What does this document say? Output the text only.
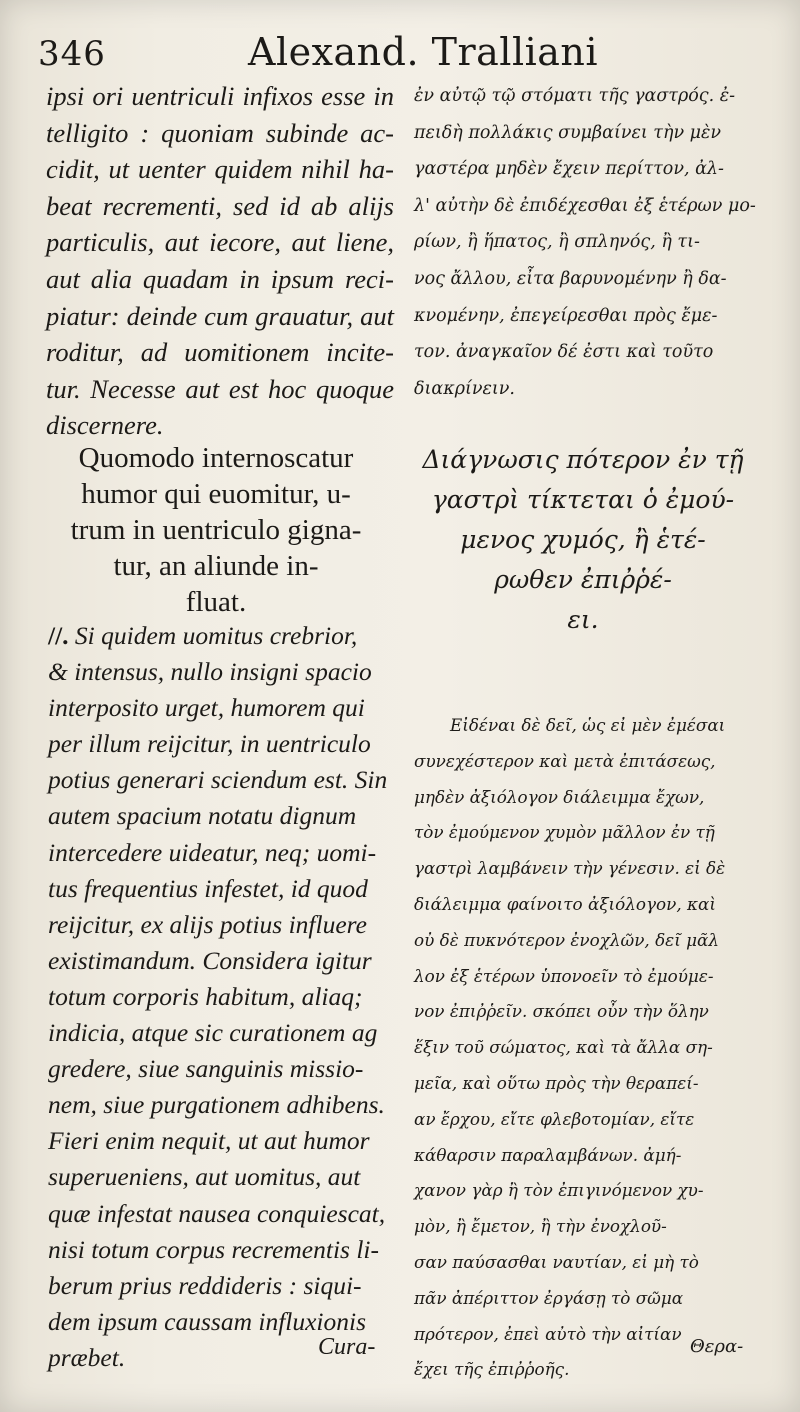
346	Alexand. Tralliani
ipsi ori uentriculi infixos esse in
telligito : quoniam subinde ac-
cidit, ut uenter quidem nihil ha-
beat recrementi, sed id ab alijs
particulis, aut iecore, aut liene,
aut alia quadam in ipsum reci-
piatur: deinde cum grauatur, aut
roditur, ad uomitionem incite-
tur. Necesse aut est hoc quoque
discernere.
ἐν αὐτῷ τῷ στόματι τῆς γαστρός. ἐ-
πειδὴ πολλάκις συμβαίνει τὴν μὲν
γαστέρα μηδὲν ἔχειν περίττον, ἀλ-
λ' αὐτὴν δὲ ἐπιδέχεσθαι ἐξ ἑτέρων μο-
ρίων, ἢ ἥπατος, ἢ σπληνός, ἢ τι-
νος ἄλλου, εἶτα βαρυνομένην ἢ δα-
κνομένην, ἐπεγείρεσθαι πρὸς ἔμε-
τον. ἀναγκαῖον δέ ἐστι καὶ τοῦτο
διακρίνειν.
Quomodo internoscatur
humor qui euomitur, u-
trum in uentriculo gigna-
tur, an aliunde in-
fluat.
Διάγνωσις πότερον ἐν τῇ
γαστρὶ τίκτεται ὁ ἐμού-
μενος χυμός, ἢ ἑτέ-
ρωθεν ἐπιῤῥέ-
ει.
//. Si quidem uomitus crebrior,
& intensus, nullo insigni spacio
interposito urget, humorem qui
per illum reijcitur, in uentriculo
potius generari sciendum est. Sin
autem spacium notatu dignum
intercedere uideatur, neq; uomi-
tus frequentius infestet, id quod
reijcitur, ex alijs potius influere
existimandum. Considera igitur
totum corporis habitum, aliaq;
indicia, atque sic curationem ag
gredere, siue sanguinis missio-
nem, siue purgationem adhibens.
Fieri enim nequit, ut aut humor
superueniens, aut uomitus, aut
quæ infestat nausea conquiescat,
nisi totum corpus recrementis li-
berum prius reddideris : siqui-
dem ipsum caussam influxionis
præbet.
Εἰδέναι δὲ δεῖ, ὡς εἰ μὲν ἐμέσαι
συνεχέστερον καὶ μετὰ ἐπιτάσεως,
μηδὲν ἀξιόλογον διάλειμμα ἔχων,
τὸν ἐμούμενον χυμὸν μᾶλλον ἐν τῇ
γαστρὶ λαμβάνειν τὴν γένεσιν. εἰ δὲ
διάλειμμα φαίνοιτο ἀξιόλογον, καὶ
οὐ δὲ πυκνότερον ἐνοχλῶν, δεῖ μᾶλ
λον ἐξ ἑτέρων ὑπονοεῖν τὸ ἐμούμε-
νον ἐπιῤῥεῖν. σκόπει οὖν τὴν ὅλην
ἕξιν τοῦ σώματος, καὶ τὰ ἄλλα ση-
μεῖα, καὶ οὕτω πρὸς τὴν θεραπεί-
αν ἔρχου, εἴτε φλεβοτομίαν, εἴτε
κάθαρσιν παραλαμβάνων. ἀμή-
χανον γὰρ ἢ τὸν ἐπιγινόμενον χυ-
μὸν, ἢ ἔμετον, ἢ τὴν ἐνοχλοῦ-
σαν παύσασθαι ναυτίαν, εἰ μὴ τὸ
πᾶν ἀπέριττον ἐργάσῃ τὸ σῶμα
πρότερον, ἐπεὶ αὐτὸ τὴν αἰτίαν
ἔχει τῆς ἐπιῤῥοῆς.
Cura-	Θερα-
